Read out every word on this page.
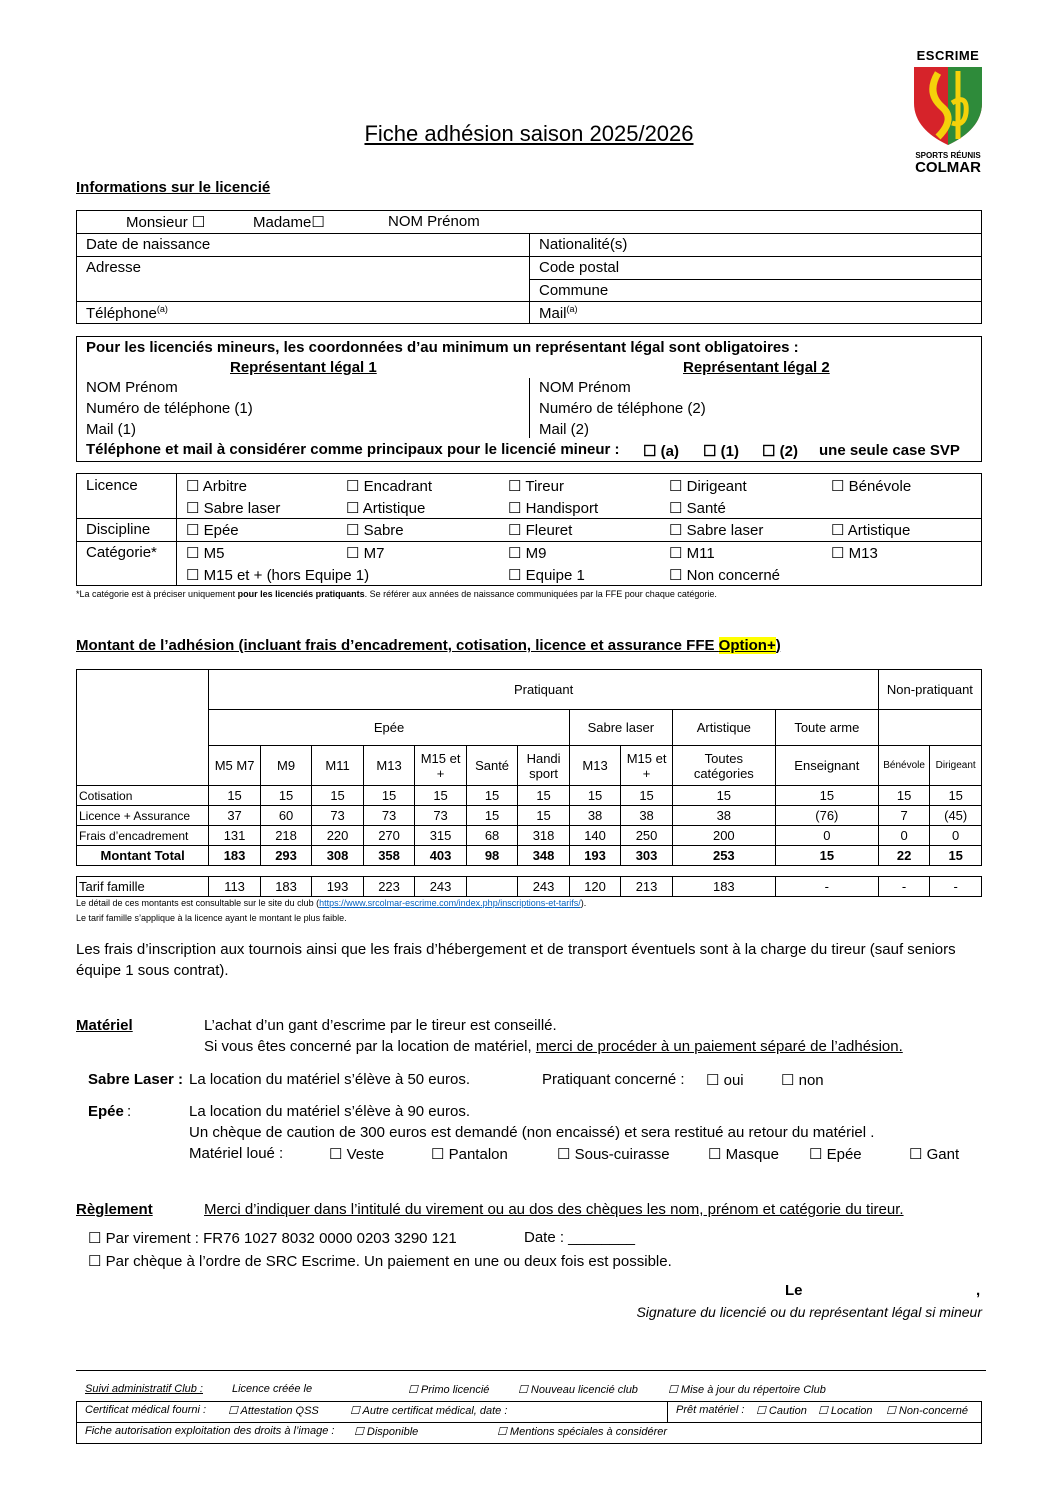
ESCRIME
SPORTS RÉUNIS
COLMAR
Fiche adhésion saison 2025/2026
Informations sur le licencié
Monsieur ☐	Madame☐	NOM Prénom
Date de naissance	Nationalité(s)
Adresse	Code postal
Commune
Téléphone$^{(a)}$	Mail$^{(a)}$
Pour les licenciés mineurs, les coordonnées d’au minimum un représentant légal sont obligatoires :
Représentant légal 1	Représentant légal 2
NOM Prénom	NOM Prénom
Numéro de téléphone (1)	Numéro de téléphone (2)
Mail (1)	Mail (2)
Téléphone et mail à considérer comme principaux pour le licencié mineur : ☐ (a) ☐ (1) ☐ (2) une seule case SVP
Licence	☐ Arbitre	☐ Encadrant	☐ Tireur	☐ Dirigeant	☐ Bénévole
☐ Sabre laser	☐ Artistique	☐ Handisport	☐ Santé
Discipline ☐ Epée	☐ Sabre	☐ Fleuret	☐ Sabre laser	☐ Artistique
Catégorie* ☐ M5	☐ M7	☐ M9	☐ M11	☐ M13
☐ M15 et + (hors Equipe 1)	☐ Equipe 1	☐ Non concerné
*La catégorie est à préciser uniquement pour les licenciés pratiquants. Se référer aux années de naissance communiquées par la FFE pour chaque catégorie.
Montant de l’adhésion (incluant frais d’encadrement, cotisation, licence et assurance FFE Option+)
	Pratiquant											Non-pratiquant	
	Epée							Sabre laser		Artistique	Toute arme		
	M5 M7	M9	M11	M13	M15 et +	Santé	Handi sport	M13	M15 et +	Toutes catégories	Enseignant	Bénévole	Dirigeant
Cotisation	15	15	15	15	15	15	15	15	15	15	15	15	15
Licence + Assurance	37	60	73	73	73	15	15	38	38	38	(76)	7	(45)
Frais d’encadrement	131	218	220	270	315	68	318	140	250	200	0	0	0
Montant Total	183	293	308	358	403	98	348	193	303	253	15	22	15
Tarif famille	113	183	193	223	243		243	120	213	183	-	-	-
Le détail de ces montants est consultable sur le site du club (https://www.srcolmar-escrime.com/index.php/inscriptions-et-tarifs/).
Le tarif famille s’applique à la licence ayant le montant le plus faible.
Les frais d’inscription aux tournois ainsi que les frais d’hébergement et de transport éventuels sont à la charge du tireur (sauf seniors équipe 1 sous contrat).
Matériel	L’achat d’un gant d’escrime par le tireur est conseillé.
Si vous êtes concerné par la location de matériel, merci de procéder à un paiement séparé de l’adhésion.
Sabre Laser : La location du matériel s’élève à 50 euros.	Pratiquant concerné : ☐ oui ☐ non
Epée :	La location du matériel s’élève à 90 euros.
Un chèque de caution de 300 euros est demandé (non encaissé) et sera restitué au retour du matériel .
Matériel loué :	☐ Veste	☐ Pantalon	☐ Sous-cuirasse	☐ Masque ☐ Epée	☐ Gant
Règlement	Merci d’indiquer dans l’intitulé du virement ou au dos des chèques les nom, prénom et catégorie du tireur.
☐ Par virement : FR76 1027 8032 0000 0203 3290 121	Date : ________
☐ Par chèque à l’ordre de SRC Escrime. Un paiement en une ou deux fois est possible.
Le	,
Signature du licencié ou du représentant légal si mineur
Suivi administratif Club :	Licence créée le	☐ Primo licencié	☐ Nouveau licencié club	☐ Mise à jour du répertoire Club
Certificat médical fourni : ☐ Attestation QSS	☐ Autre certificat médical, date :	Prêt matériel : ☐ Caution ☐ Location ☐ Non-concerné
Fiche autorisation exploitation des droits à l’image : ☐ Disponible	☐ Mentions spéciales à considérer
